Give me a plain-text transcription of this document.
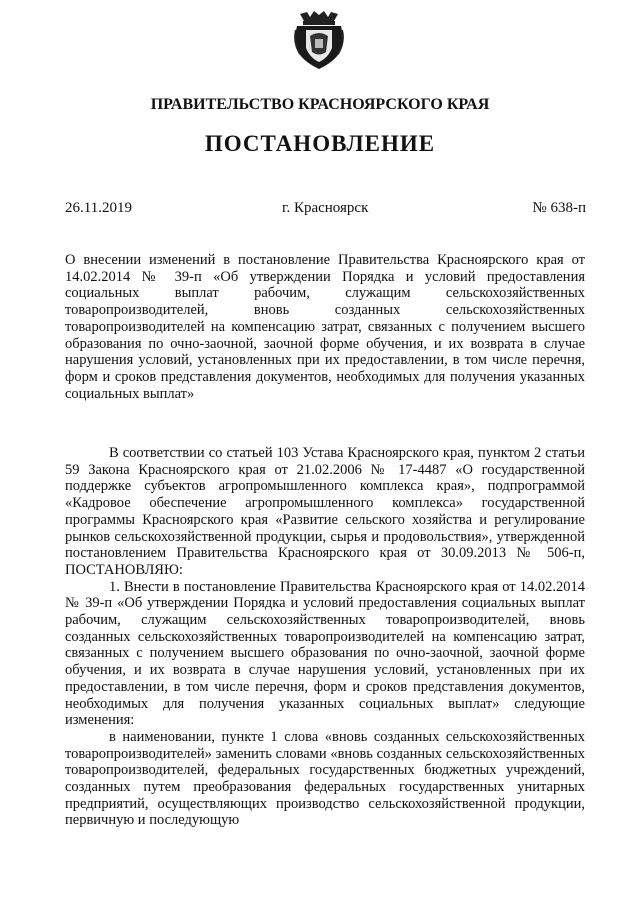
ПРАВИТЕЛЬСТВО КРАСНОЯРСКОГО КРАЯ
ПОСТАНОВЛЕНИЕ
26.11.2019	г. Красноярск	№ 638-п
О внесении изменений в постановление Правительства Красноярского края от 14.02.2014 № 39-п «Об утверждении Порядка и условий предоставления социальных выплат рабочим, служащим сельскохозяйственных товаропроизводителей, вновь созданных сельскохозяйственных товаропроизводителей на компенсацию затрат, связанных с получением высшего образования по очно-заочной, заочной форме обучения, и их возврата в случае нарушения условий, установленных при их предоставлении, в том числе перечня, форм и сроков представления документов, необходимых для получения указанных социальных выплат»
В соответствии со статьей 103 Устава Красноярского края, пунктом 2 статьи 59 Закона Красноярского края от 21.02.2006 № 17-4487 «О государственной поддержке субъектов агропромышленного комплекса края», подпрограммой «Кадровое обеспечение агропромышленного комплекса» государственной программы Красноярского края «Развитие сельского хозяйства и регулирование рынков сельскохозяйственной продукции, сырья и продовольствия», утвержденной постановлением Правительства Красноярского края от 30.09.2013 № 506-п, ПОСТАНОВЛЯЮ:
1. Внести в постановление Правительства Красноярского края от 14.02.2014 № 39-п «Об утверждении Порядка и условий предоставления социальных выплат рабочим, служащим сельскохозяйственных товаропроизводителей, вновь созданных сельскохозяйственных товаропроизводителей на компенсацию затрат, связанных с получением высшего образования по очно-заочной, заочной форме обучения, и их возврата в случае нарушения условий, установленных при их предоставлении, в том числе перечня, форм и сроков представления документов, необходимых для получения указанных социальных выплат» следующие изменения:
в наименовании, пункте 1 слова «вновь созданных сельскохозяйственных товаропроизводителей» заменить словами «вновь созданных сельскохозяйственных товаропроизводителей, федеральных государственных бюджетных учреждений, созданных путем преобразования федеральных государственных унитарных предприятий, осуществляющих производство сельскохозяйственной продукции, первичную и последующую
